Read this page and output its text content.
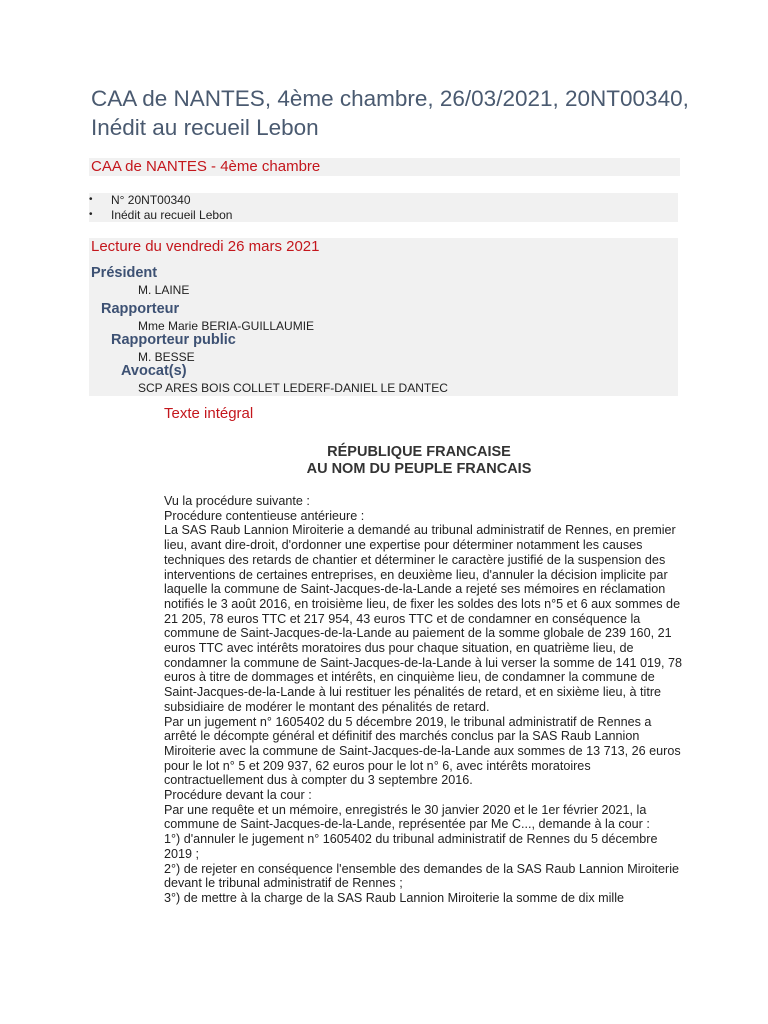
CAA de NANTES, 4ème chambre, 26/03/2021, 20NT00340, Inédit au recueil Lebon
CAA de NANTES - 4ème chambre
• N° 20NT00340
• Inédit au recueil Lebon
Lecture du vendredi 26 mars 2021
Président
M. LAINE
Rapporteur
Mme Marie BERIA-GUILLAUMIE
Rapporteur public
M. BESSE
Avocat(s)
SCP ARES BOIS COLLET LEDERF-DANIEL LE DANTEC
Texte intégral
RÉPUBLIQUE FRANCAISE
AU NOM DU PEUPLE FRANCAIS

Vu la procédure suivante :

Procédure contentieuse antérieure :

La SAS Raub Lannion Miroiterie a demandé au tribunal administratif de Rennes, en premier lieu, avant dire-droit, d'ordonner une expertise pour déterminer notamment les causes techniques des retards de chantier et déterminer le caractère justifié de la suspension des interventions de certaines entreprises, en deuxième lieu, d'annuler la décision implicite par laquelle la commune de Saint-Jacques-de-la-Lande a rejeté ses mémoires en réclamation notifiés le 3 août 2016, en troisième lieu, de fixer les soldes des lots n°5 et 6 aux sommes de 21 205, 78 euros TTC et 217 954, 43 euros TTC et de condamner en conséquence la commune de Saint-Jacques-de-la-Lande au paiement de la somme globale de 239 160, 21 euros TTC avec intérêts moratoires dus pour chaque situation, en quatrième lieu, de condamner la commune de Saint-Jacques-de-la-Lande à lui verser la somme de 141 019, 78 euros à titre de dommages et intérêts, en cinquième lieu, de condamner la commune de Saint-Jacques-de-la-Lande à lui restituer les pénalités de retard, et en sixième lieu, à titre subsidiaire de modérer le montant des pénalités de retard.

Par un jugement n° 1605402 du 5 décembre 2019, le tribunal administratif de Rennes a arrêté le décompte général et définitif des marchés conclus par la SAS Raub Lannion Miroiterie avec la commune de Saint-Jacques-de-la-Lande aux sommes de 13 713, 26 euros pour le lot n° 5 et 209 937, 62 euros pour le lot n° 6, avec intérêts moratoires contractuellement dus à compter du 3 septembre 2016.

Procédure devant la cour :

Par une requête et un mémoire, enregistrés le 30 janvier 2020 et le 1er février 2021, la commune de Saint-Jacques-de-la-Lande, représentée par Me C..., demande à la cour :

1°) d'annuler le jugement n° 1605402 du tribunal administratif de Rennes du 5 décembre 2019 ;

2°) de rejeter en conséquence l'ensemble des demandes de la SAS Raub Lannion Miroiterie devant le tribunal administratif de Rennes ;

3°) de mettre à la charge de la SAS Raub Lannion Miroiterie la somme de dix mille
